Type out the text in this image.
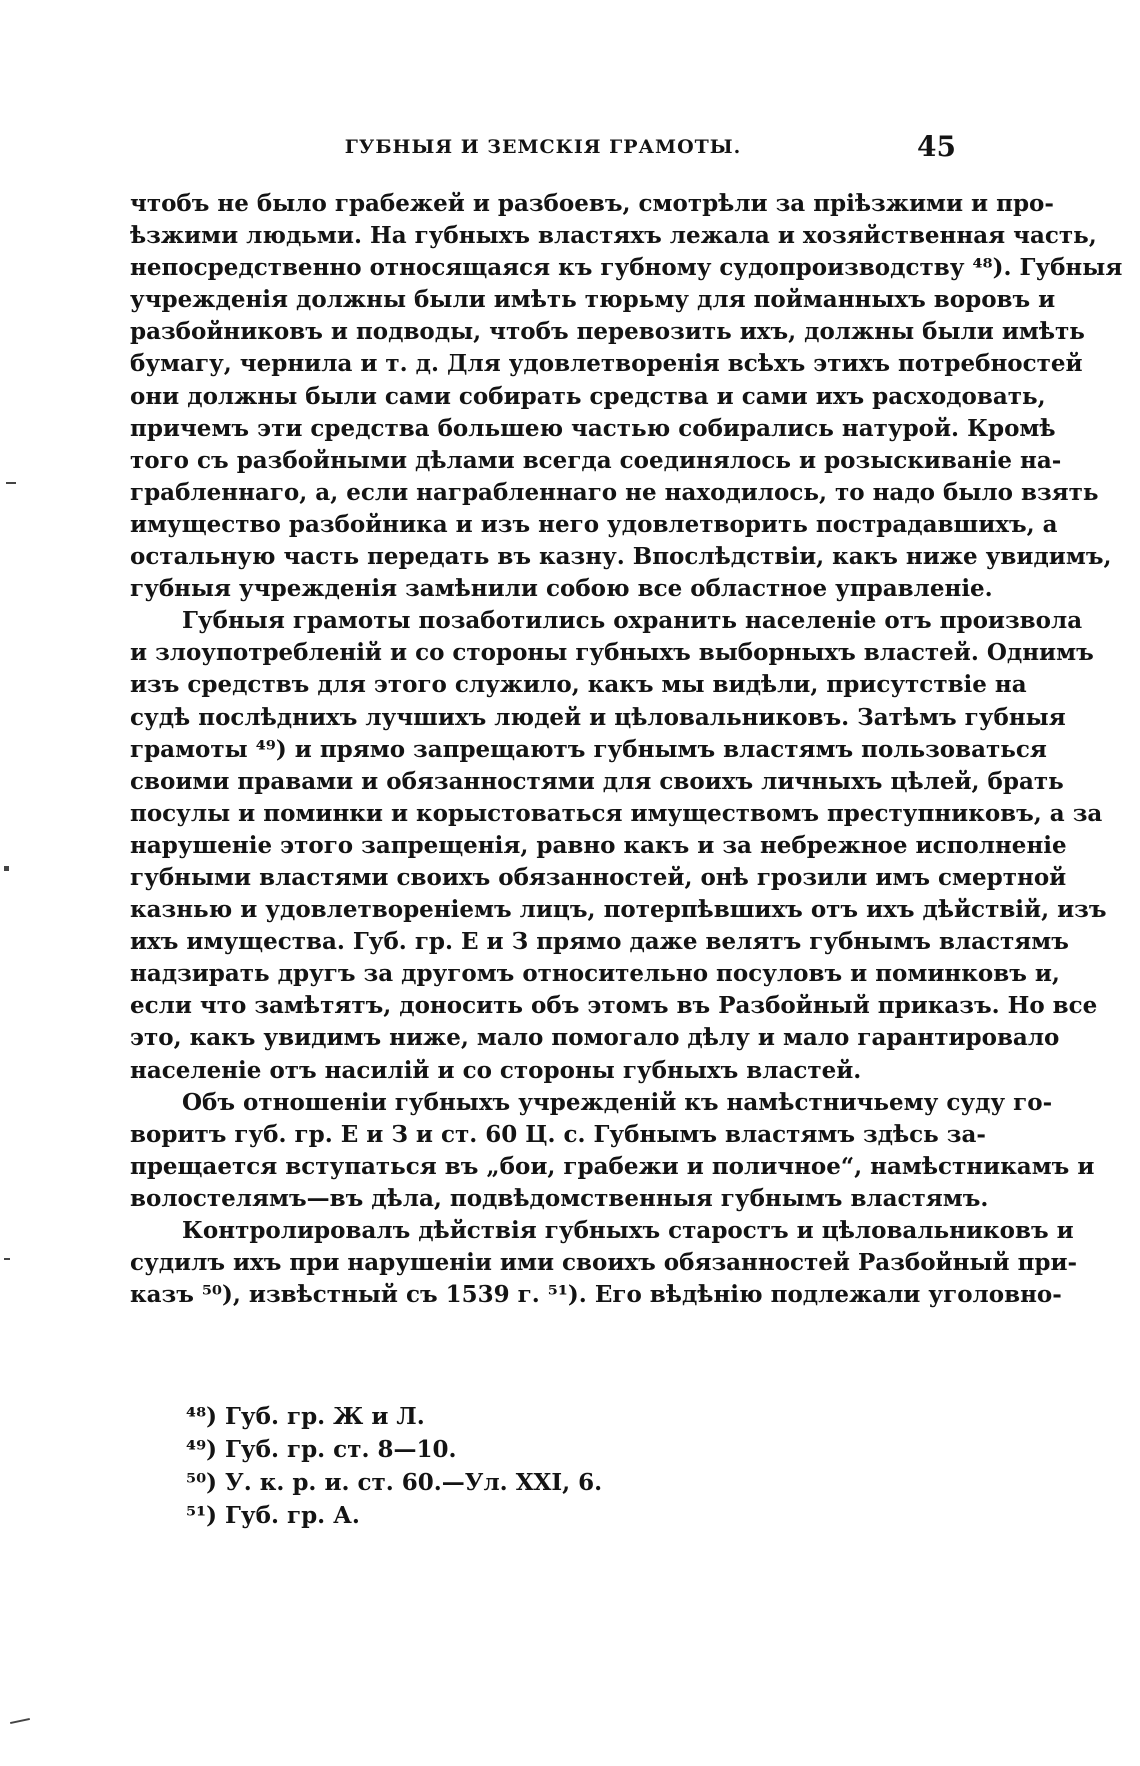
ГУБНЫЯ И ЗЕМСКІЯ ГРАМОТЫ.	45
чтобъ не было грабежей и разбоевъ, смотрѣли за пріѣзжими и про-
ѣзжими людьми. На губныхъ властяхъ лежала и хозяйственная часть,
непосредственно относящаяся къ губному судопроизводству ⁴⁸). Губныя
учрежденія должны были имѣть тюрьму для пойманныхъ воровъ и
разбойниковъ и подводы, чтобъ перевозить ихъ, должны были имѣть
бумагу, чернила и т. д. Для удовлетворенія всѣхъ этихъ потребностей
они должны были сами собирать средства и сами ихъ расходовать,
причемъ эти средства большею частью собирались натурой. Кромѣ
того съ разбойными дѣлами всегда соединялось и розыскиваніе на-
грабленнаго, а, если награбленнаго не находилось, то надо было взять
имущество разбойника и изъ него удовлетворить пострадавшихъ, а
остальную часть передать въ казну. Впослѣдствіи, какъ ниже увидимъ,
губныя учрежденія замѣнили собою все областное управленіе.
Губныя грамоты позаботились охранить населеніе отъ произвола
и злоупотребленій и со стороны губныхъ выборныхъ властей. Однимъ
изъ средствъ для этого служило, какъ мы видѣли, присутствіе на
судѣ послѣднихъ лучшихъ людей и цѣловальниковъ. Затѣмъ губныя
грамоты ⁴⁹) и прямо запрещаютъ губнымъ властямъ пользоваться
своими правами и обязанностями для своихъ личныхъ цѣлей, брать
посулы и поминки и корыстоваться имуществомъ преступниковъ, а за
нарушеніе этого запрещенія, равно какъ и за небрежное исполненіе
губными властями своихъ обязанностей, онѣ грозили имъ смертной
казнью и удовлетвореніемъ лицъ, потерпѣвшихъ отъ ихъ дѣйствій, изъ
ихъ имущества. Губ. гр. Е и З прямо даже велятъ губнымъ властямъ
надзирать другъ за другомъ относительно посуловъ и поминковъ и,
если что замѣтятъ, доносить объ этомъ въ Разбойный приказъ. Но все
это, какъ увидимъ ниже, мало помогало дѣлу и мало гарантировало
населеніе отъ насилій и со стороны губныхъ властей.
Объ отношеніи губныхъ учрежденій къ намѣстничьему суду го-
воритъ губ. гр. Е и З и ст. 60 Ц. с. Губнымъ властямъ здѣсь за-
прещается вступаться въ „бои, грабежи и поличное“, намѣстникамъ и
волостелямъ—въ дѣла, подвѣдомственныя губнымъ властямъ.
Контролировалъ дѣйствія губныхъ старостъ и цѣловальниковъ и
судилъ ихъ при нарушеніи ими своихъ обязанностей Разбойный при-
казъ ⁵⁰), извѣстный съ 1539 г. ⁵¹). Его вѣдѣнію подлежали уголовно-
⁴⁸) Губ. гр. Ж и Л.
⁴⁹) Губ. гр. ст. 8—10.
⁵⁰) У. к. р. и. ст. 60.—Ул. XXI, 6.
⁵¹) Губ. гр. А.
